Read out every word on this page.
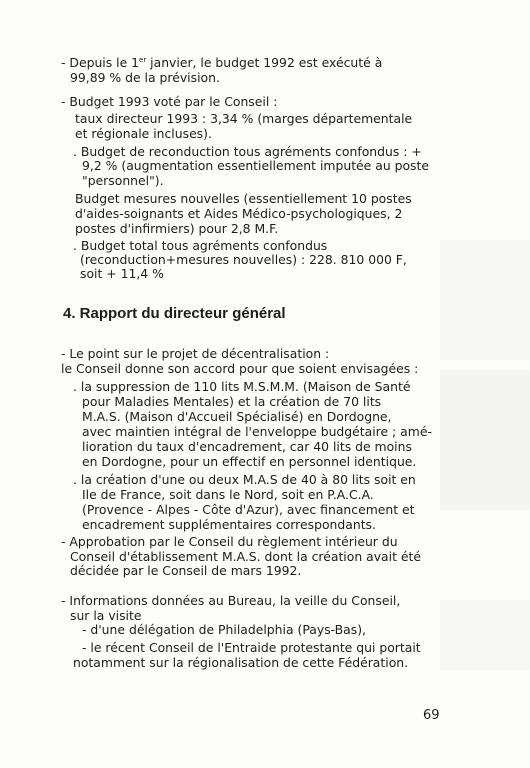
- Depuis le 1er janvier, le budget 1992 est exécuté à
99,89 % de la prévision.
- Budget 1993 voté par le Conseil :
taux directeur 1993 : 3,34 % (marges départementale
et régionale incluses).
. Budget de reconduction tous agréments confondus : +
9,2 % (augmentation essentiellement imputée au poste
"personnel").
Budget mesures nouvelles (essentiellement 10 postes
d'aides-soignants et Aides Médico-psychologiques, 2
postes d'infirmiers) pour 2,8 M.F.
. Budget total tous agréments confondus
(reconduction+mesures nouvelles) : 228. 810 000 F,
soit + 11,4 %
4. Rapport du directeur général
- Le point sur le projet de décentralisation :
le Conseil donne son accord pour que soient envisagées :
. la suppression de 110 lits M.S.M.M. (Maison de Santé
pour Maladies Mentales) et la création de 70 lits
M.A.S. (Maison d'Accueil Spécialisé) en Dordogne,
avec maintien intégral de l'enveloppe budgétaire ; amé-
lioration du taux d'encadrement, car 40 lits de moins
en Dordogne, pour un effectif en personnel identique.
. la création d'une ou deux M.A.S de 40 à 80 lits soit en
Ile de France, soit dans le Nord, soit en P.A.C.A.
(Provence - Alpes - Côte d'Azur), avec financement et
encadrement supplémentaires correspondants.
- Approbation par le Conseil du règlement intérieur du
Conseil d'établissement M.A.S. dont la création avait été
décidée par le Conseil de mars 1992.
- Informations données au Bureau, la veille du Conseil,
sur la visite
- d'une délégation de Philadelphia (Pays-Bas),
- le récent Conseil de l'Entraide protestante qui portait
notamment sur la régionalisation de cette Fédération.
69
